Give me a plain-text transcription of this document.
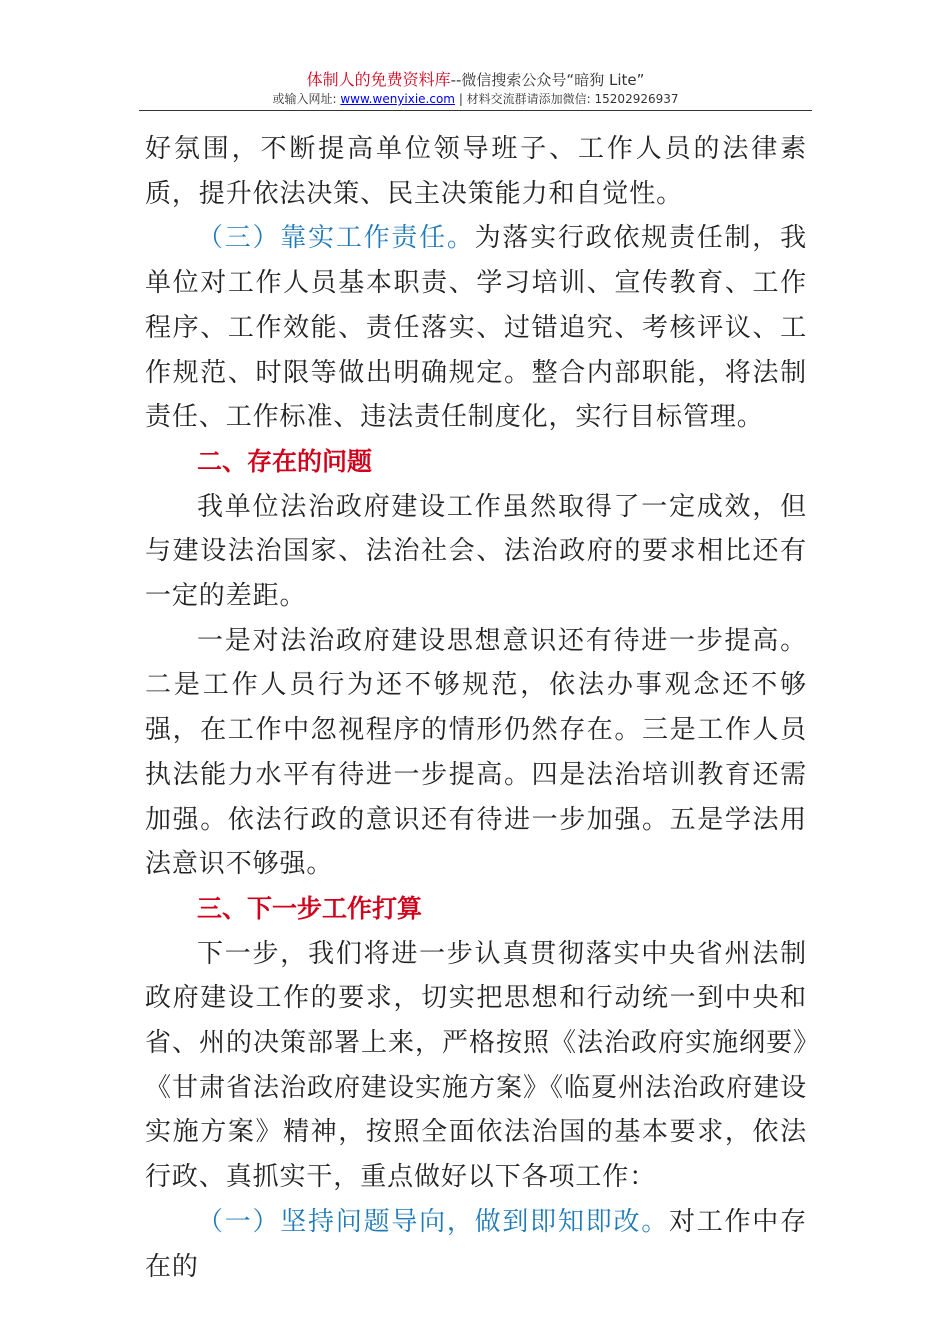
体制人的免费资料库--微信搜索公众号“暗狗 Lite”
或输入网址: www.wenyixie.com | 材料交流群请添加微信: 15202926937

好氛围，不断提高单位领导班子、工作人员的法律素质，提升依法决策、民主决策能力和自觉性。

（三）靠实工作责任。为落实行政依规责任制，我单位对工作人员基本职责、学习培训、宣传教育、工作程序、工作效能、责任落实、过错追究、考核评议、工作规范、时限等做出明确规定。整合内部职能，将法制责任、工作标准、违法责任制度化，实行目标管理。

二、存在的问题

我单位法治政府建设工作虽然取得了一定成效，但与建设法治国家、法治社会、法治政府的要求相比还有一定的差距。

一是对法治政府建设思想意识还有待进一步提高。二是工作人员行为还不够规范，依法办事观念还不够强，在工作中忽视程序的情形仍然存在。三是工作人员执法能力水平有待进一步提高。四是法治培训教育还需加强。依法行政的意识还有待进一步加强。五是学法用法意识不够强。

三、下一步工作打算

下一步，我们将进一步认真贯彻落实中央省州法制政府建设工作的要求，切实把思想和行动统一到中央和省、州的决策部署上来，严格按照《法治政府实施纲要》《甘肃省法治政府建设实施方案》《临夏州法治政府建设实施方案》精神，按照全面依法治国的基本要求，依法行政、真抓实干，重点做好以下各项工作：

（一）坚持问题导向，做到即知即改。对工作中存在的
